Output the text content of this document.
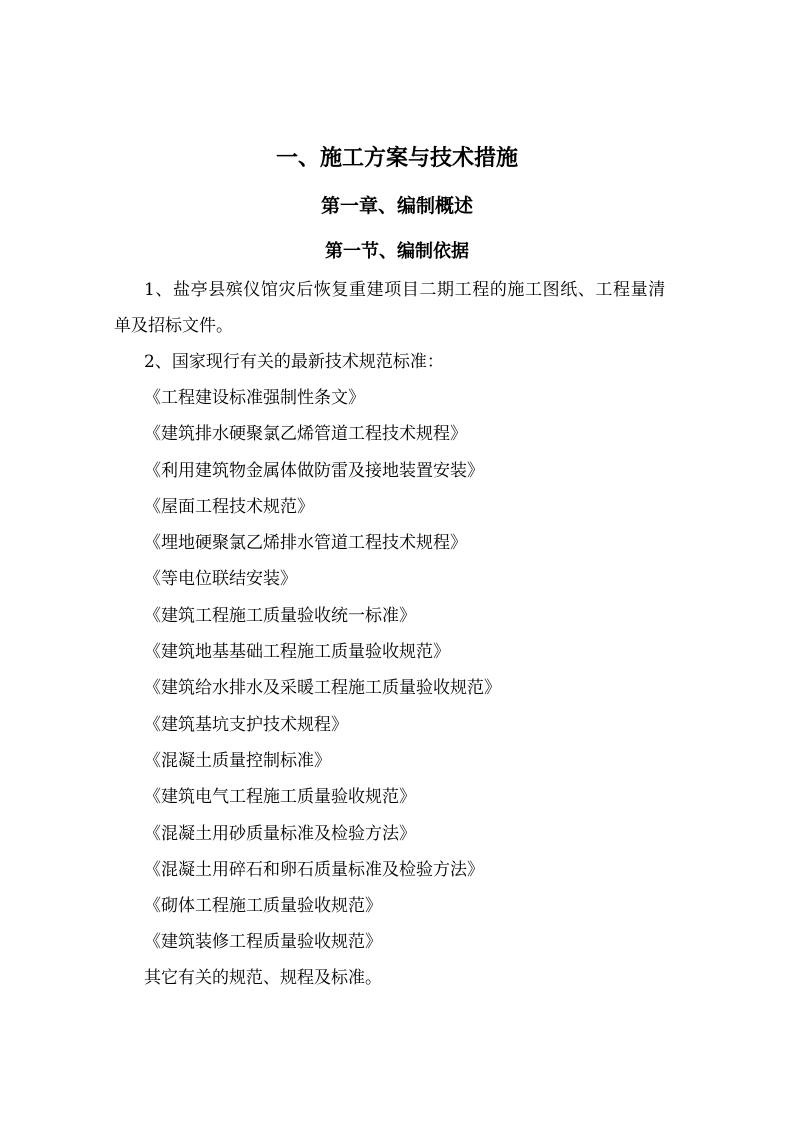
一、施工方案与技术措施
第一章、编制概述
第一节、编制依据
1、盐亭县殡仪馆灾后恢复重建项目二期工程的施工图纸、工程量清
单及招标文件。
2、国家现行有关的最新技术规范标准：
《工程建设标准强制性条文》
《建筑排水硬聚氯乙烯管道工程技术规程》
《利用建筑物金属体做防雷及接地装置安装》
《屋面工程技术规范》
《埋地硬聚氯乙烯排水管道工程技术规程》
《等电位联结安装》
《建筑工程施工质量验收统一标准》
《建筑地基基础工程施工质量验收规范》
《建筑给水排水及采暖工程施工质量验收规范》
《建筑基坑支护技术规程》
《混凝土质量控制标准》
《建筑电气工程施工质量验收规范》
《混凝土用砂质量标准及检验方法》
《混凝土用碎石和卵石质量标准及检验方法》
《砌体工程施工质量验收规范》
《建筑装修工程质量验收规范》
其它有关的规范、规程及标准。
